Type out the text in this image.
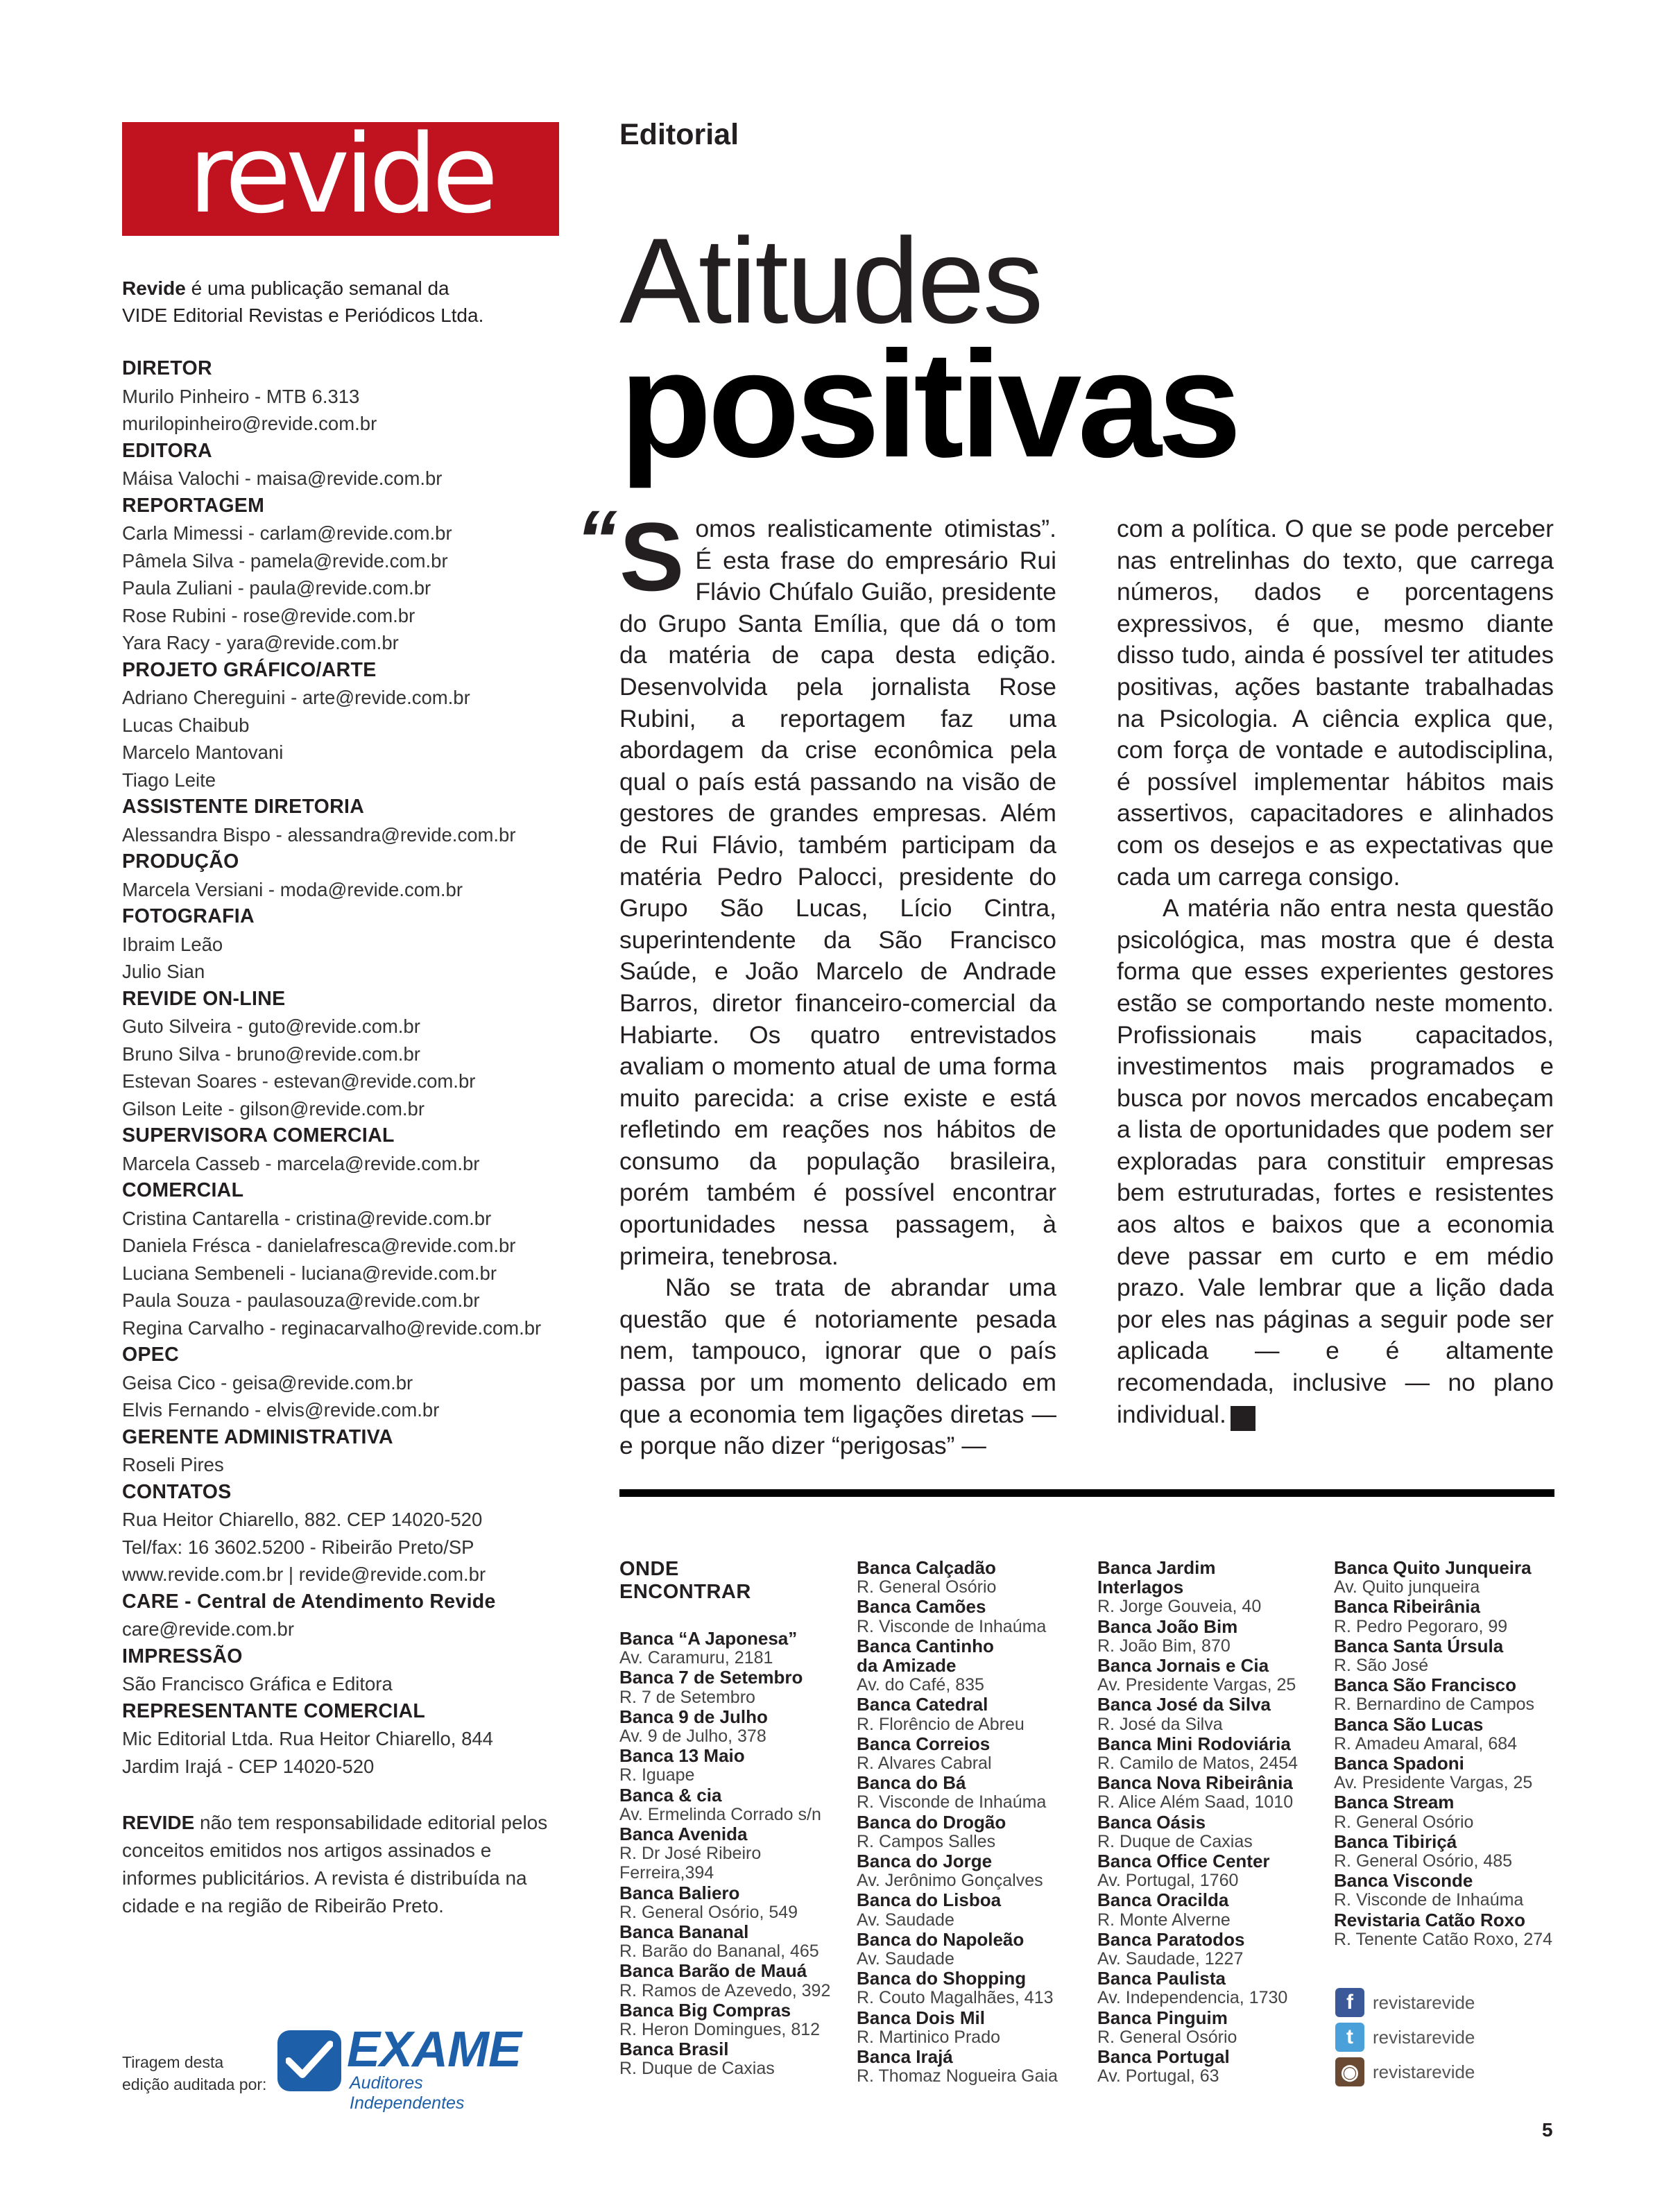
revide
Revide é uma publicação semanal da
VIDE Editorial Revistas e Periódicos Ltda.
DIRETOR
Murilo Pinheiro - MTB 6.313
murilopinheiro@revide.com.br
EDITORA
Máisa Valochi - maisa@revide.com.br
REPORTAGEM
Carla Mimessi - carlam@revide.com.br
Pâmela Silva - pamela@revide.com.br
Paula Zuliani - paula@revide.com.br
Rose Rubini - rose@revide.com.br
Yara Racy - yara@revide.com.br
PROJETO GRÁFICO/ARTE
Adriano Chereguini - arte@revide.com.br
Lucas Chaibub
Marcelo Mantovani
Tiago Leite
ASSISTENTE DIRETORIA
Alessandra Bispo - alessandra@revide.com.br
PRODUÇÃO
Marcela Versiani - moda@revide.com.br
FOTOGRAFIA
Ibraim Leão
Julio Sian
REVIDE ON-LINE
Guto Silveira - guto@revide.com.br
Bruno Silva - bruno@revide.com.br
Estevan Soares - estevan@revide.com.br
Gilson Leite - gilson@revide.com.br
SUPERVISORA COMERCIAL
Marcela Casseb - marcela@revide.com.br
COMERCIAL
Cristina Cantarella - cristina@revide.com.br
Daniela Frésca - danielafresca@revide.com.br
Luciana Sembeneli - luciana@revide.com.br
Paula Souza - paulasouza@revide.com.br
Regina Carvalho - reginacarvalho@revide.com.br
OPEC
Geisa Cico - geisa@revide.com.br
Elvis Fernando - elvis@revide.com.br
GERENTE ADMINISTRATIVA
Roseli Pires
CONTATOS
Rua Heitor Chiarello, 882. CEP 14020-520
Tel/fax: 16 3602.5200 - Ribeirão Preto/SP
www.revide.com.br | revide@revide.com.br
CARE - Central de Atendimento Revide
care@revide.com.br
IMPRESSÃO
São Francisco Gráfica e Editora
REPRESENTANTE COMERCIAL
Mic Editorial Ltda. Rua Heitor Chiarello, 844
Jardim Irajá - CEP 14020-520
REVIDE não tem responsabilidade editorial pelos conceitos emitidos nos artigos assinados e informes publicitários. A revista é distribuída na cidade e na região de Ribeirão Preto.
Tiragem desta
edição auditada por:
EXAME
Auditores Independentes
Editorial
Atitudes
positivas
“ Somos realisticamente otimistas”. É esta frase do empresário Rui Flávio Chúfalo Guião, presidente do Grupo Santa Emília, que dá o tom da matéria de capa desta edição. Desenvolvida pela jornalista Rose Rubini, a reportagem faz uma abordagem da crise econômica pela qual o país está passando na visão de gestores de grandes empresas. Além de Rui Flávio, também participam da matéria Pedro Palocci, presidente do Grupo São Lucas, Lício Cintra, superintendente da São Francisco Saúde, e João Marcelo de Andrade Barros, diretor financeiro-comercial da Habiarte. Os quatro entrevistados avaliam o momento atual de uma forma muito parecida: a crise existe e está refletindo em reações nos hábitos de consumo da população brasileira, porém também é possível encontrar oportunidades nessa passagem, à primeira, tenebrosa.

Não se trata de abrandar uma questão que é notoriamente pesada nem, tampouco, ignorar que o país passa por um momento delicado em que a economia tem ligações diretas — e porque não dizer “perigosas” —

com a política. O que se pode perceber nas entrelinhas do texto, que carrega números, dados e porcentagens expressivos, é que, mesmo diante disso tudo, ainda é possível ter atitudes positivas, ações bastante trabalhadas na Psicologia. A ciência explica que, com força de vontade e autodisciplina, é possível implementar hábitos mais assertivos, capacitadores e alinhados com os desejos e as expectativas que cada um carrega consigo.

A matéria não entra nesta questão psicológica, mas mostra que é desta forma que esses experientes gestores estão se comportando neste momento. Profissionais mais capacitados, investimentos mais programados e busca por novos mercados encabeçam a lista de oportunidades que podem ser exploradas para constituir empresas bem estruturadas, fortes e resistentes aos altos e baixos que a economia deve passar em curto e em médio prazo. Vale lembrar que a lição dada por eles nas páginas a seguir pode ser aplicada — e é altamente recomendada, inclusive — no plano individual. r

ONDE
ENCONTRAR
Banca “A Japonesa”
Av. Caramuru, 2181
Banca 7 de Setembro
R. 7 de Setembro
Banca 9 de Julho
Av. 9 de Julho, 378
Banca 13 Maio
R. Iguape
Banca & cia
Av. Ermelinda Corrado s/n
Banca Avenida
R. Dr José Ribeiro
Ferreira,394
Banca Baliero
R. General Osório, 549
Banca Bananal
R. Barão do Bananal, 465
Banca Barão de Mauá
R. Ramos de Azevedo, 392
Banca Big Compras
R. Heron Domingues, 812
Banca Brasil
R. Duque de Caxias
Banca Calçadão
R. General Osório
Banca Camões
R. Visconde de Inhaúma
Banca Cantinho
da Amizade
Av. do Café, 835
Banca Catedral
R. Florêncio de Abreu
Banca Correios
R. Alvares Cabral
Banca do Bá
R. Visconde de Inhaúma
Banca do Drogão
R. Campos Salles
Banca do Jorge
Av. Jerônimo Gonçalves
Banca do Lisboa
Av. Saudade
Banca do Napoleão
Av. Saudade
Banca do Shopping
R. Couto Magalhães, 413
Banca Dois Mil
R. Martinico Prado
Banca Irajá
R. Thomaz Nogueira Gaia
Banca Jardim
Interlagos
R. Jorge Gouveia, 40
Banca João Bim
R. João Bim, 870
Banca Jornais e Cia
Av. Presidente Vargas, 25
Banca José da Silva
R. José da Silva
Banca Mini Rodoviária
R. Camilo de Matos, 2454
Banca Nova Ribeirânia
R. Alice Além Saad, 1010
Banca Oásis
R. Duque de Caxias
Banca Office Center
Av. Portugal, 1760
Banca Oracilda
R. Monte Alverne
Banca Paratodos
Av. Saudade, 1227
Banca Paulista
Av. Independencia, 1730
Banca Pinguim
R. General Osório
Banca Portugal
Av. Portugal, 63
Banca Quito Junqueira
Av. Quito junqueira
Banca Ribeirânia
R. Pedro Pegoraro, 99
Banca Santa Úrsula
R. São José
Banca São Francisco
R. Bernardino de Campos
Banca São Lucas
R. Amadeu Amaral, 684
Banca Spadoni
Av. Presidente Vargas, 25
Banca Stream
R. General Osório
Banca Tibiriçá
R. General Osório, 485
Banca Visconde
R. Visconde de Inhaúma
Revistaria Catão Roxo
R. Tenente Catão Roxo, 274
f	revistarevide
t	revistarevide
◉ revistarevide
5
